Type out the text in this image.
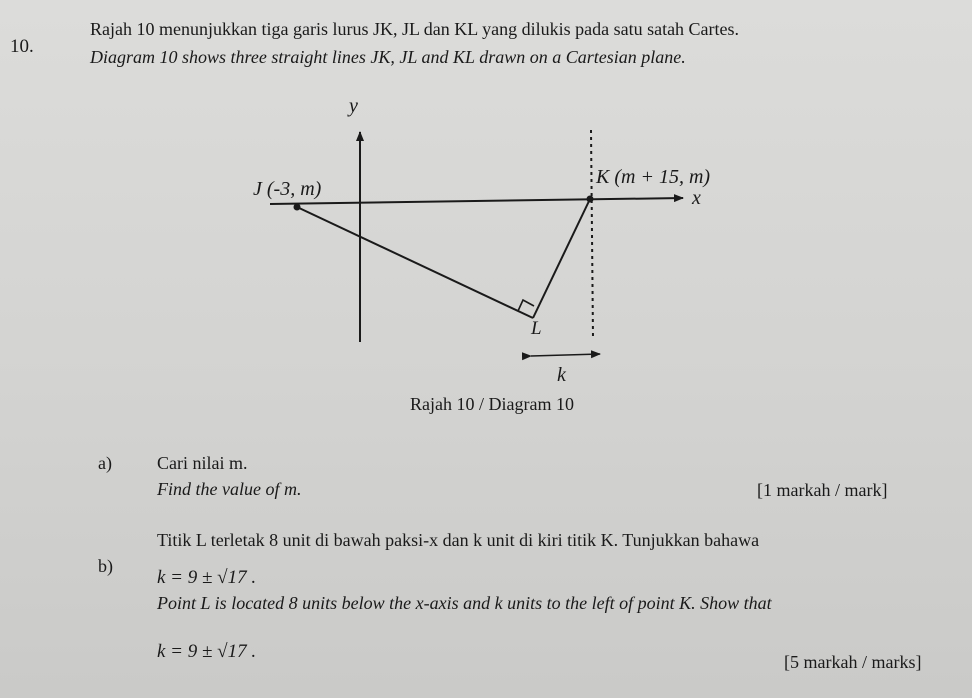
10.
Rajah 10 menunjukkan tiga garis lurus JK, JL dan KL yang dilukis pada satu satah Cartes.
Diagram 10 shows three straight lines JK, JL and KL drawn on a Cartesian plane.
y
x
J (-3, m)
K (m + 15, m)
L
k
Rajah 10 / Diagram 10
a)	Cari nilai m.
Find the value of m.	[1 markah / mark]
b)
Titik L terletak 8 unit di bawah paksi-x dan k unit di kiri titik K. Tunjukkan bahawa
k = 9 ± √17 .
Point L is located 8 units below the x-axis and k units to the left of point K. Show that
k = 9 ± √17 .	[5 markah / marks]
